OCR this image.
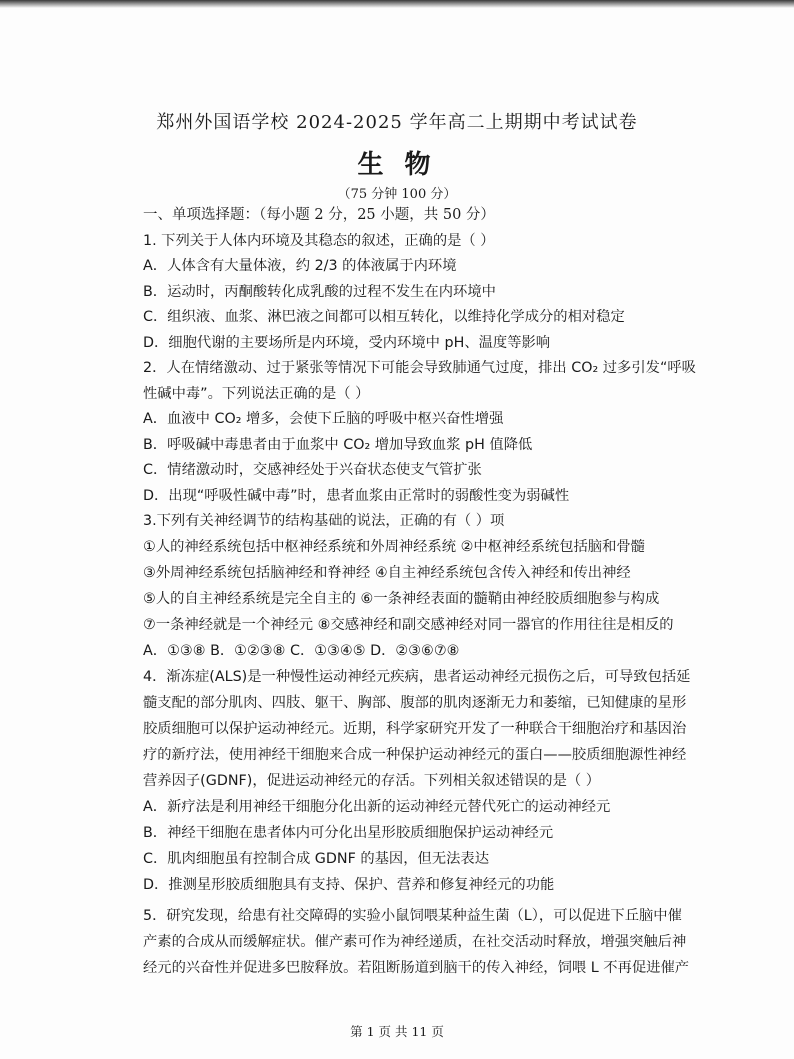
郑州外国语学校 2024-2025 学年高二上期期中考试试卷
生 物
（75 分钟 100 分）
一、单项选择题：（每小题 2 分，25 小题，共 50 分）
1. 下列关于人体内环境及其稳态的叙述，正确的是（ ）
A．人体含有大量体液，约 2/3 的体液属于内环境
B．运动时，丙酮酸转化成乳酸的过程不发生在内环境中
C．组织液、血浆、淋巴液之间都可以相互转化，以维持化学成分的相对稳定
D．细胞代谢的主要场所是内环境，受内环境中 pH、温度等影响
2．人在情绪激动、过于紧张等情况下可能会导致肺通气过度，排出 CO₂ 过多引发“呼吸
性碱中毒”。下列说法正确的是（ ）
A．血液中 CO₂ 增多，会使下丘脑的呼吸中枢兴奋性增强
B．呼吸碱中毒患者由于血浆中 CO₂ 增加导致血浆 pH 值降低
C．情绪激动时，交感神经处于兴奋状态使支气管扩张
D．出现“呼吸性碱中毒”时，患者血浆由正常时的弱酸性变为弱碱性
3.下列有关神经调节的结构基础的说法，正确的有（ ）项
①人的神经系统包括中枢神经系统和外周神经系统 ②中枢神经系统包括脑和骨髓
③外周神经系统包括脑神经和脊神经 ④自主神经系统包含传入神经和传出神经
⑤人的自主神经系统是完全自主的 ⑥一条神经表面的髓鞘由神经胶质细胞参与构成
⑦一条神经就是一个神经元 ⑧交感神经和副交感神经对同一器官的作用往往是相反的
A．①③⑧ B．①②③⑧ C．①③④⑤ D．②③⑥⑦⑧
4．渐冻症(ALS)是一种慢性运动神经元疾病，患者运动神经元损伤之后，可导致包括延
髓支配的部分肌肉、四肢、躯干、胸部、腹部的肌肉逐渐无力和萎缩，已知健康的星形
胶质细胞可以保护运动神经元。近期，科学家研究开发了一种联合干细胞治疗和基因治
疗的新疗法，使用神经干细胞来合成一种保护运动神经元的蛋白——胶质细胞源性神经
营养因子(GDNF)，促进运动神经元的存活。下列相关叙述错误的是（ ）
A．新疗法是利用神经干细胞分化出新的运动神经元替代死亡的运动神经元
B．神经干细胞在患者体内可分化出星形胶质细胞保护运动神经元
C．肌肉细胞虽有控制合成 GDNF 的基因，但无法表达
D．推测星形胶质细胞具有支持、保护、营养和修复神经元的功能
5．研究发现，给患有社交障碍的实验小鼠饲喂某种益生菌（L），可以促进下丘脑中催
产素的合成从而缓解症状。催产素可作为神经递质，在社交活动时释放，增强突触后神
经元的兴奋性并促进多巴胺释放。若阻断肠道到脑干的传入神经，饲喂 L 不再促进催产
第 1 页 共 11 页
